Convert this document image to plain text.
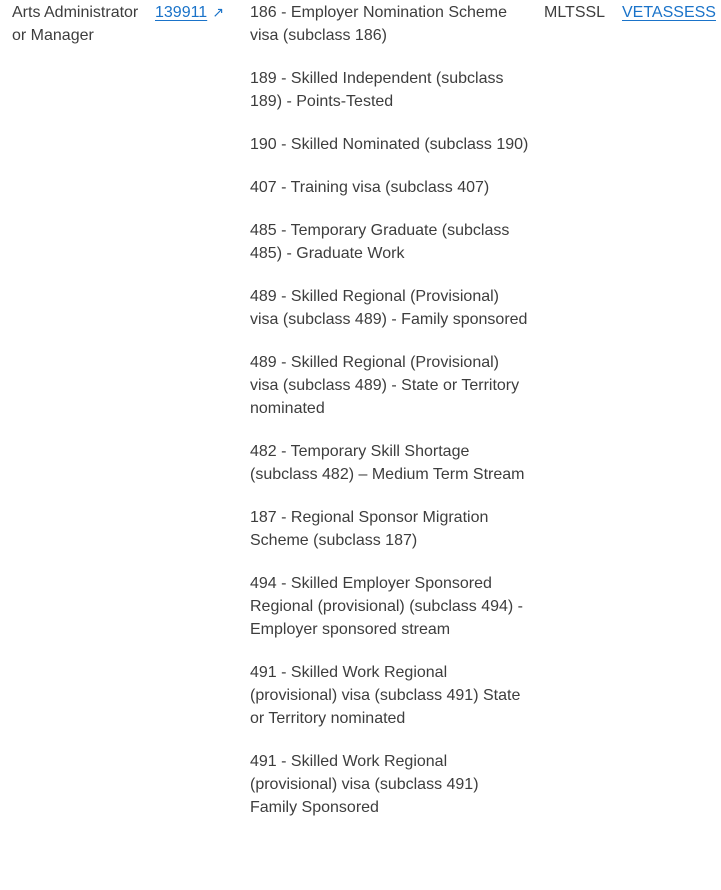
Arts Administrator or Manager
139911 ↗	186 - Employer Nomination Scheme visa (subclass 186)
189 - Skilled Independent (subclass 189) - Points-Tested
190 - Skilled Nominated (subclass 190)
407 - Training visa (subclass 407)
485 - Temporary Graduate (subclass 485) - Graduate Work
489 - Skilled Regional (Provisional) visa (subclass 489) - Family sponsored
489 - Skilled Regional (Provisional) visa (subclass 489) - State or Territory nominated
482 - Temporary Skill Shortage (subclass 482) – Medium Term Stream
187 - Regional Sponsor Migration Scheme (subclass 187)
494 - Skilled Employer Sponsored Regional (provisional) (subclass 494) - Employer sponsored stream
491 - Skilled Work Regional (provisional) visa (subclass 491) State or Territory nominated
491 - Skilled Work Regional (provisional) visa (subclass 491) Family Sponsored
MLTSSL	VETASSESS
